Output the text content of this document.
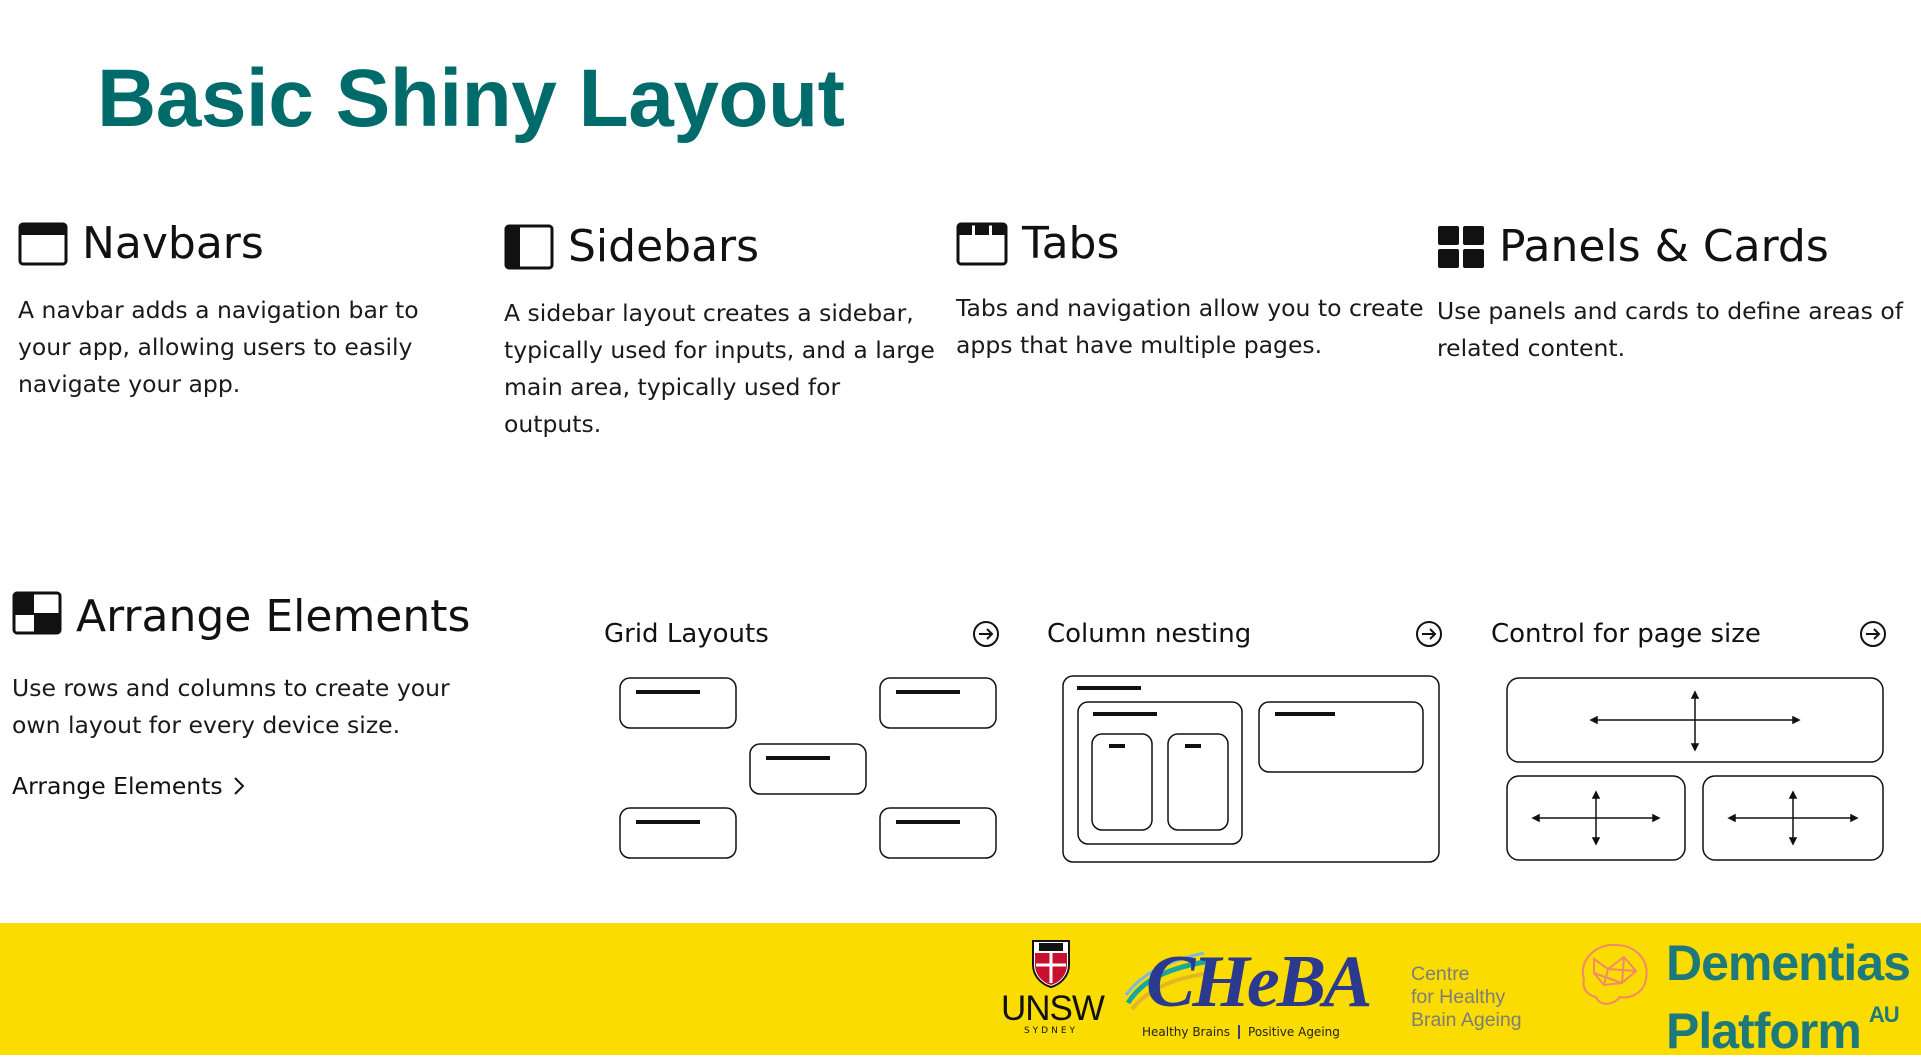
Basic Shiny Layout
Navbars

A navbar adds a navigation bar to your app, allowing users to easily navigate your app.

Sidebars

A sidebar layout creates a sidebar, typically used for inputs, and a large main area, typically used for outputs.

Tabs

Tabs and navigation allow you to create apps that have multiple pages.

Panels & Cards

Use panels and cards to define areas of related content.

Arrange Elements

Use rows and columns to create your own layout for every device size.

Arrange Elements
Grid Layouts	Column nesting	Control for page size
UNSW
SYDNEY
CHeBA
Healthy Brains	Positive Ageing
Centre
for Healthy
Brain Ageing
Dementias
Platform $^{AU}$
